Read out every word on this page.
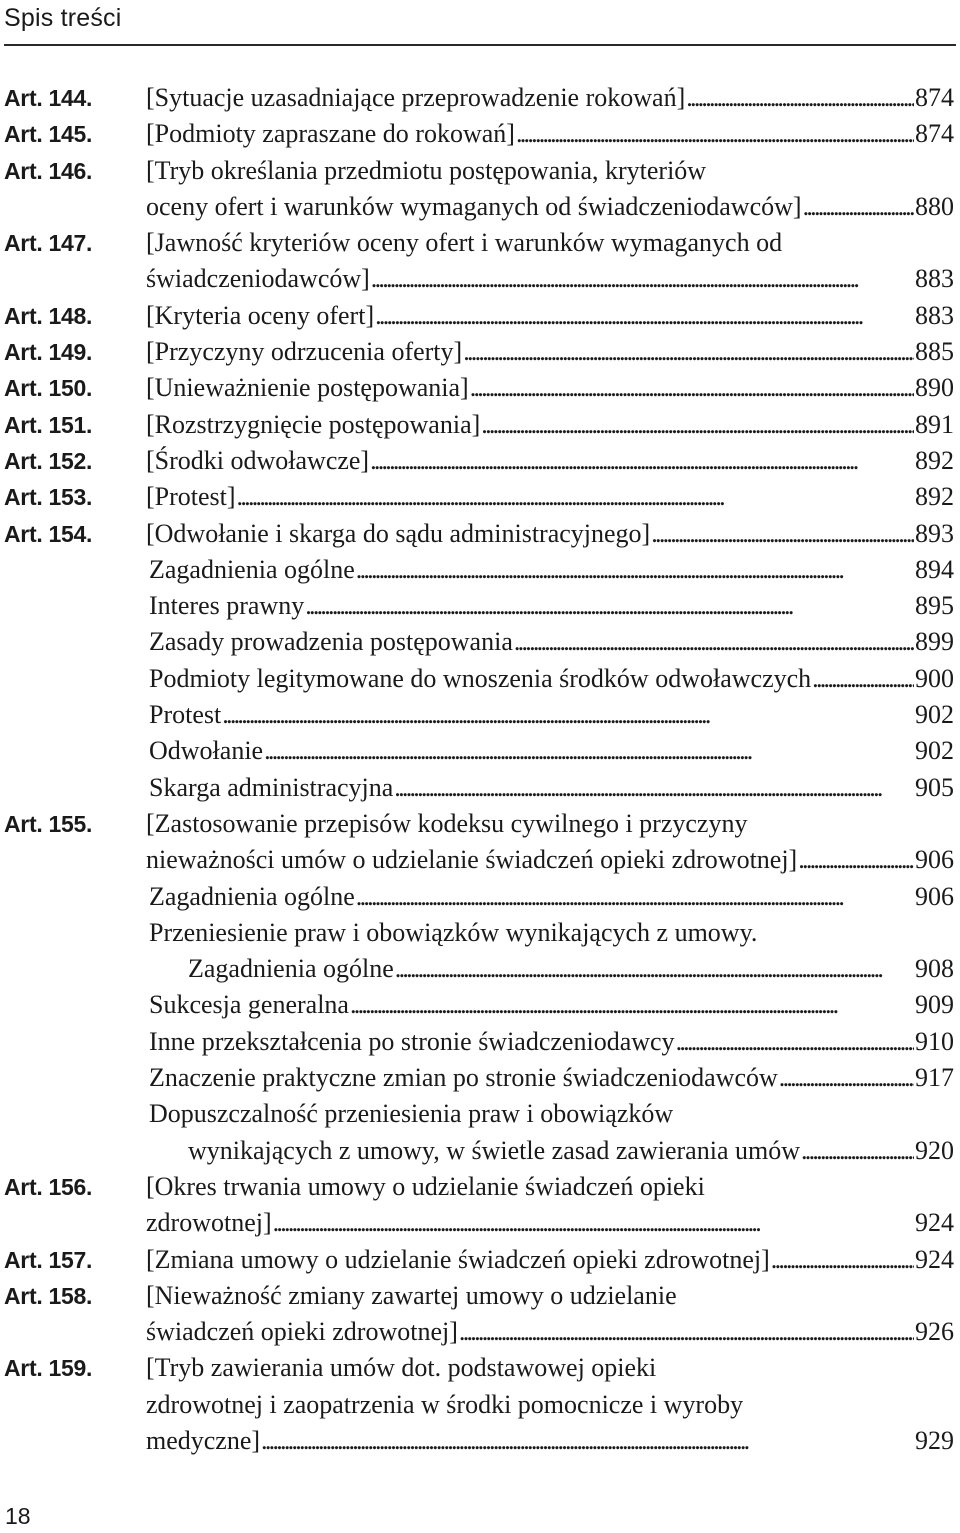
Spis treści
Art. 144. [Sytuacje uzasadniające przeprowadzenie rokowań] . . .	874
Art. 145. [Podmioty zapraszane do rokowań] . . .	874
Art. 146. [Tryb określania przedmiotu postępowania, kryteriów
oceny ofert i warunków wymaganych od świadczeniodawców] . . .	880
Art. 147. [Jawność kryteriów oceny ofert i warunków wymaganych od
świadczeniodawców] . . .	883
Art. 148. [Kryteria oceny ofert] . . .	883
Art. 149. [Przyczyny odrzucenia oferty] . . .	885
Art. 150. [Unieważnienie postępowania] . . .	890
Art. 151. [Rozstrzygnięcie postępowania] . . .	891
Art. 152. [Środki odwoławcze] . . .	892
Art. 153. [Protest] . . .	892
Art. 154. [Odwołanie i skarga do sądu administracyjnego] . . .	893
Zagadnienia ogólne . . .	894
Interes prawny . . .	895
Zasady prowadzenia postępowania . . .	899
Podmioty legitymowane do wnoszenia środków odwoławczych . . .	900
Protest . . .	902
Odwołanie . . .	902
Skarga administracyjna . . .	905
Art. 155. [Zastosowanie przepisów kodeksu cywilnego i przyczyny
nieważności umów o udzielanie świadczeń opieki zdrowotnej] . . .	906
Zagadnienia ogólne . . .	906
Przeniesienie praw i obowiązków wynikających z umowy.
Zagadnienia ogólne . . .	908
Sukcesja generalna . . .	909
Inne przekształcenia po stronie świadczeniodawcy . . .	910
Znaczenie praktyczne zmian po stronie świadczeniodawców . . .	917
Dopuszczalność przeniesienia praw i obowiązków
wynikających z umowy, w świetle zasad zawierania umów . . .	920
Art. 156. [Okres trwania umowy o udzielanie świadczeń opieki
zdrowotnej] . . .	924
Art. 157. [Zmiana umowy o udzielanie świadczeń opieki zdrowotnej] . . .	924
Art. 158. [Nieważność zmiany zawartej umowy o udzielanie
świadczeń opieki zdrowotnej] . . .	926
Art. 159. [Tryb zawierania umów dot. podstawowej opieki
zdrowotnej i zaopatrzenia w środki pomocnicze i wyroby
medyczne] . . .	929
18
